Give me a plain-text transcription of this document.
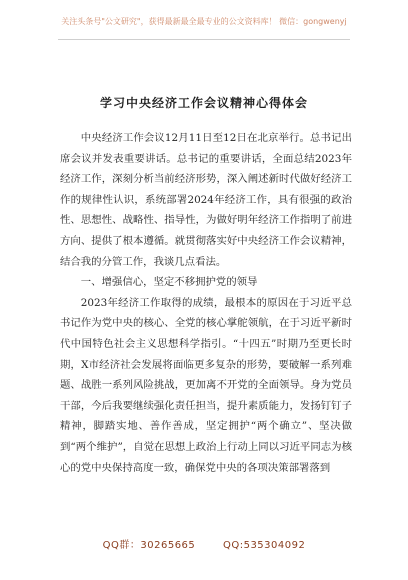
关注头条号"公文研究"，获得最新最全最专业的公文资料库！ 微信：gongwenyj
学习中央经济工作会议精神心得体会

中央经济工作会议12月11日至12日在北京举行。总书记出席会议并发表重要讲话。总书记的重要讲话，全面总结2023年经济工作，深刻分析当前经济形势，深入阐述新时代做好经济工作的规律性认识，系统部署2024年经济工作，具有很强的政治性、思想性、战略性、指导性，为做好明年经济工作指明了前进方向、提供了根本遵循。就贯彻落实好中央经济工作会议精神，结合我的分管工作，我谈几点看法。

一、增强信心，坚定不移拥护党的领导

2023年经济工作取得的成绩，最根本的原因在于习近平总书记作为党中央的核心、全党的核心掌舵领航，在于习近平新时代中国特色社会主义思想科学指引。“十四五”时期乃至更长时期，X市经济社会发展将面临更多复杂的形势，要破解一系列难题、战胜一系列风险挑战，更加离不开党的全面领导。身为党员干部，今后我要继续强化责任担当，提升素质能力，发扬钉钉子精神，脚踏实地、善作善成，坚定拥护“两个确立”、坚决做到“两个维护”，自觉在思想上政治上行动上同以习近平同志为核心的党中央保持高度一致，确保党中央的各项决策部署落到

QQ群：30265665	QQ:535304092
